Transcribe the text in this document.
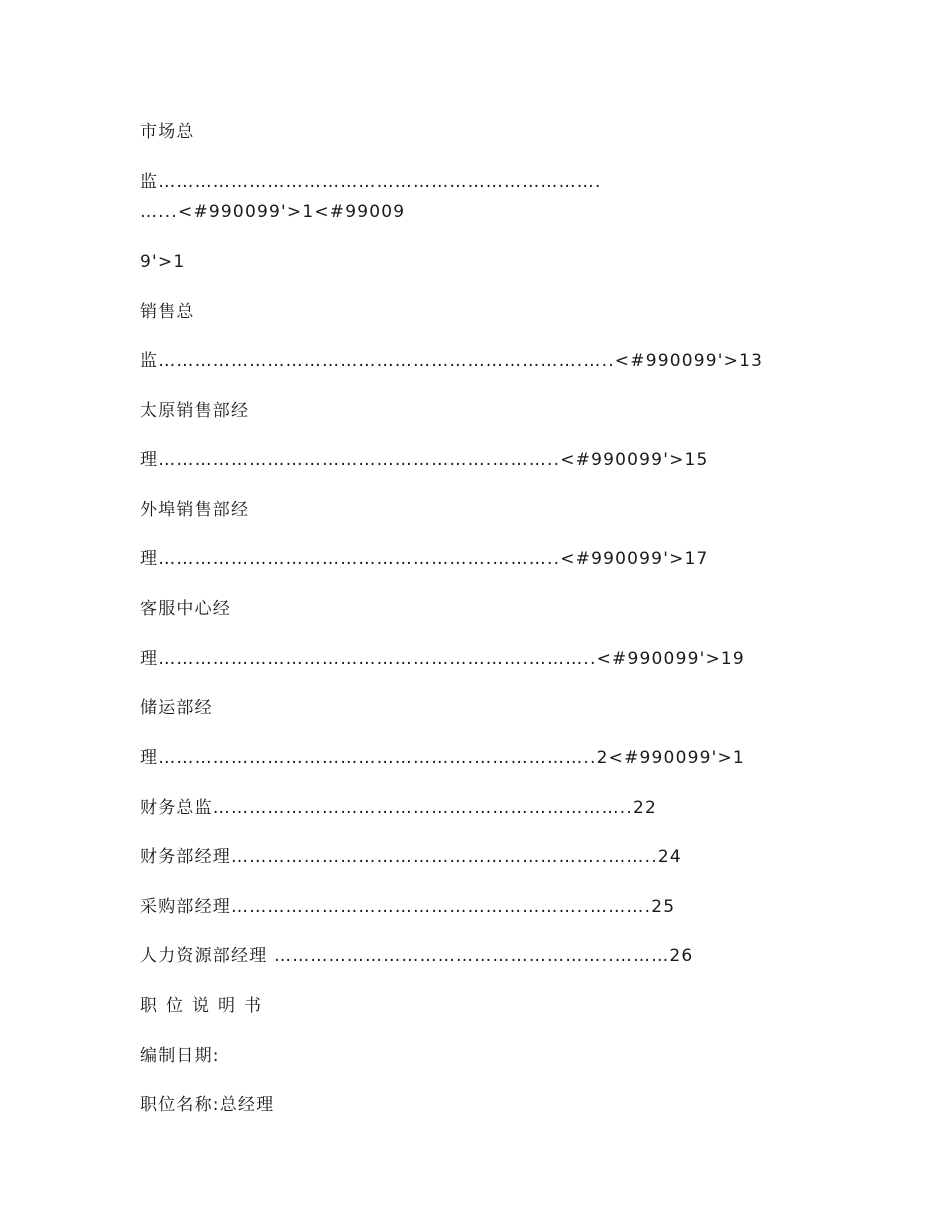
市场总
监……………………………………………………………….
…...<#990099'>1<#99009
9'>1
销售总
监…………………………………………………………….…..<#990099'>13
太原销售部经
理……………………………………………….………..<#990099'>15
外埠销售部经
理……………………………………………….………..<#990099'>17
客服中心经
理…………………………………………………….………..<#990099'>19
储运部经
理…………………………………………….………………..2<#990099'>1
财务总监…………………………………….……………………..22
财务部经理……………………………………………………..……..24
采购部经理…………………………………………………..……….25
人力资源部经理 ………………………………………………..………26
职位说明书
编制日期:
职位名称:总经理
